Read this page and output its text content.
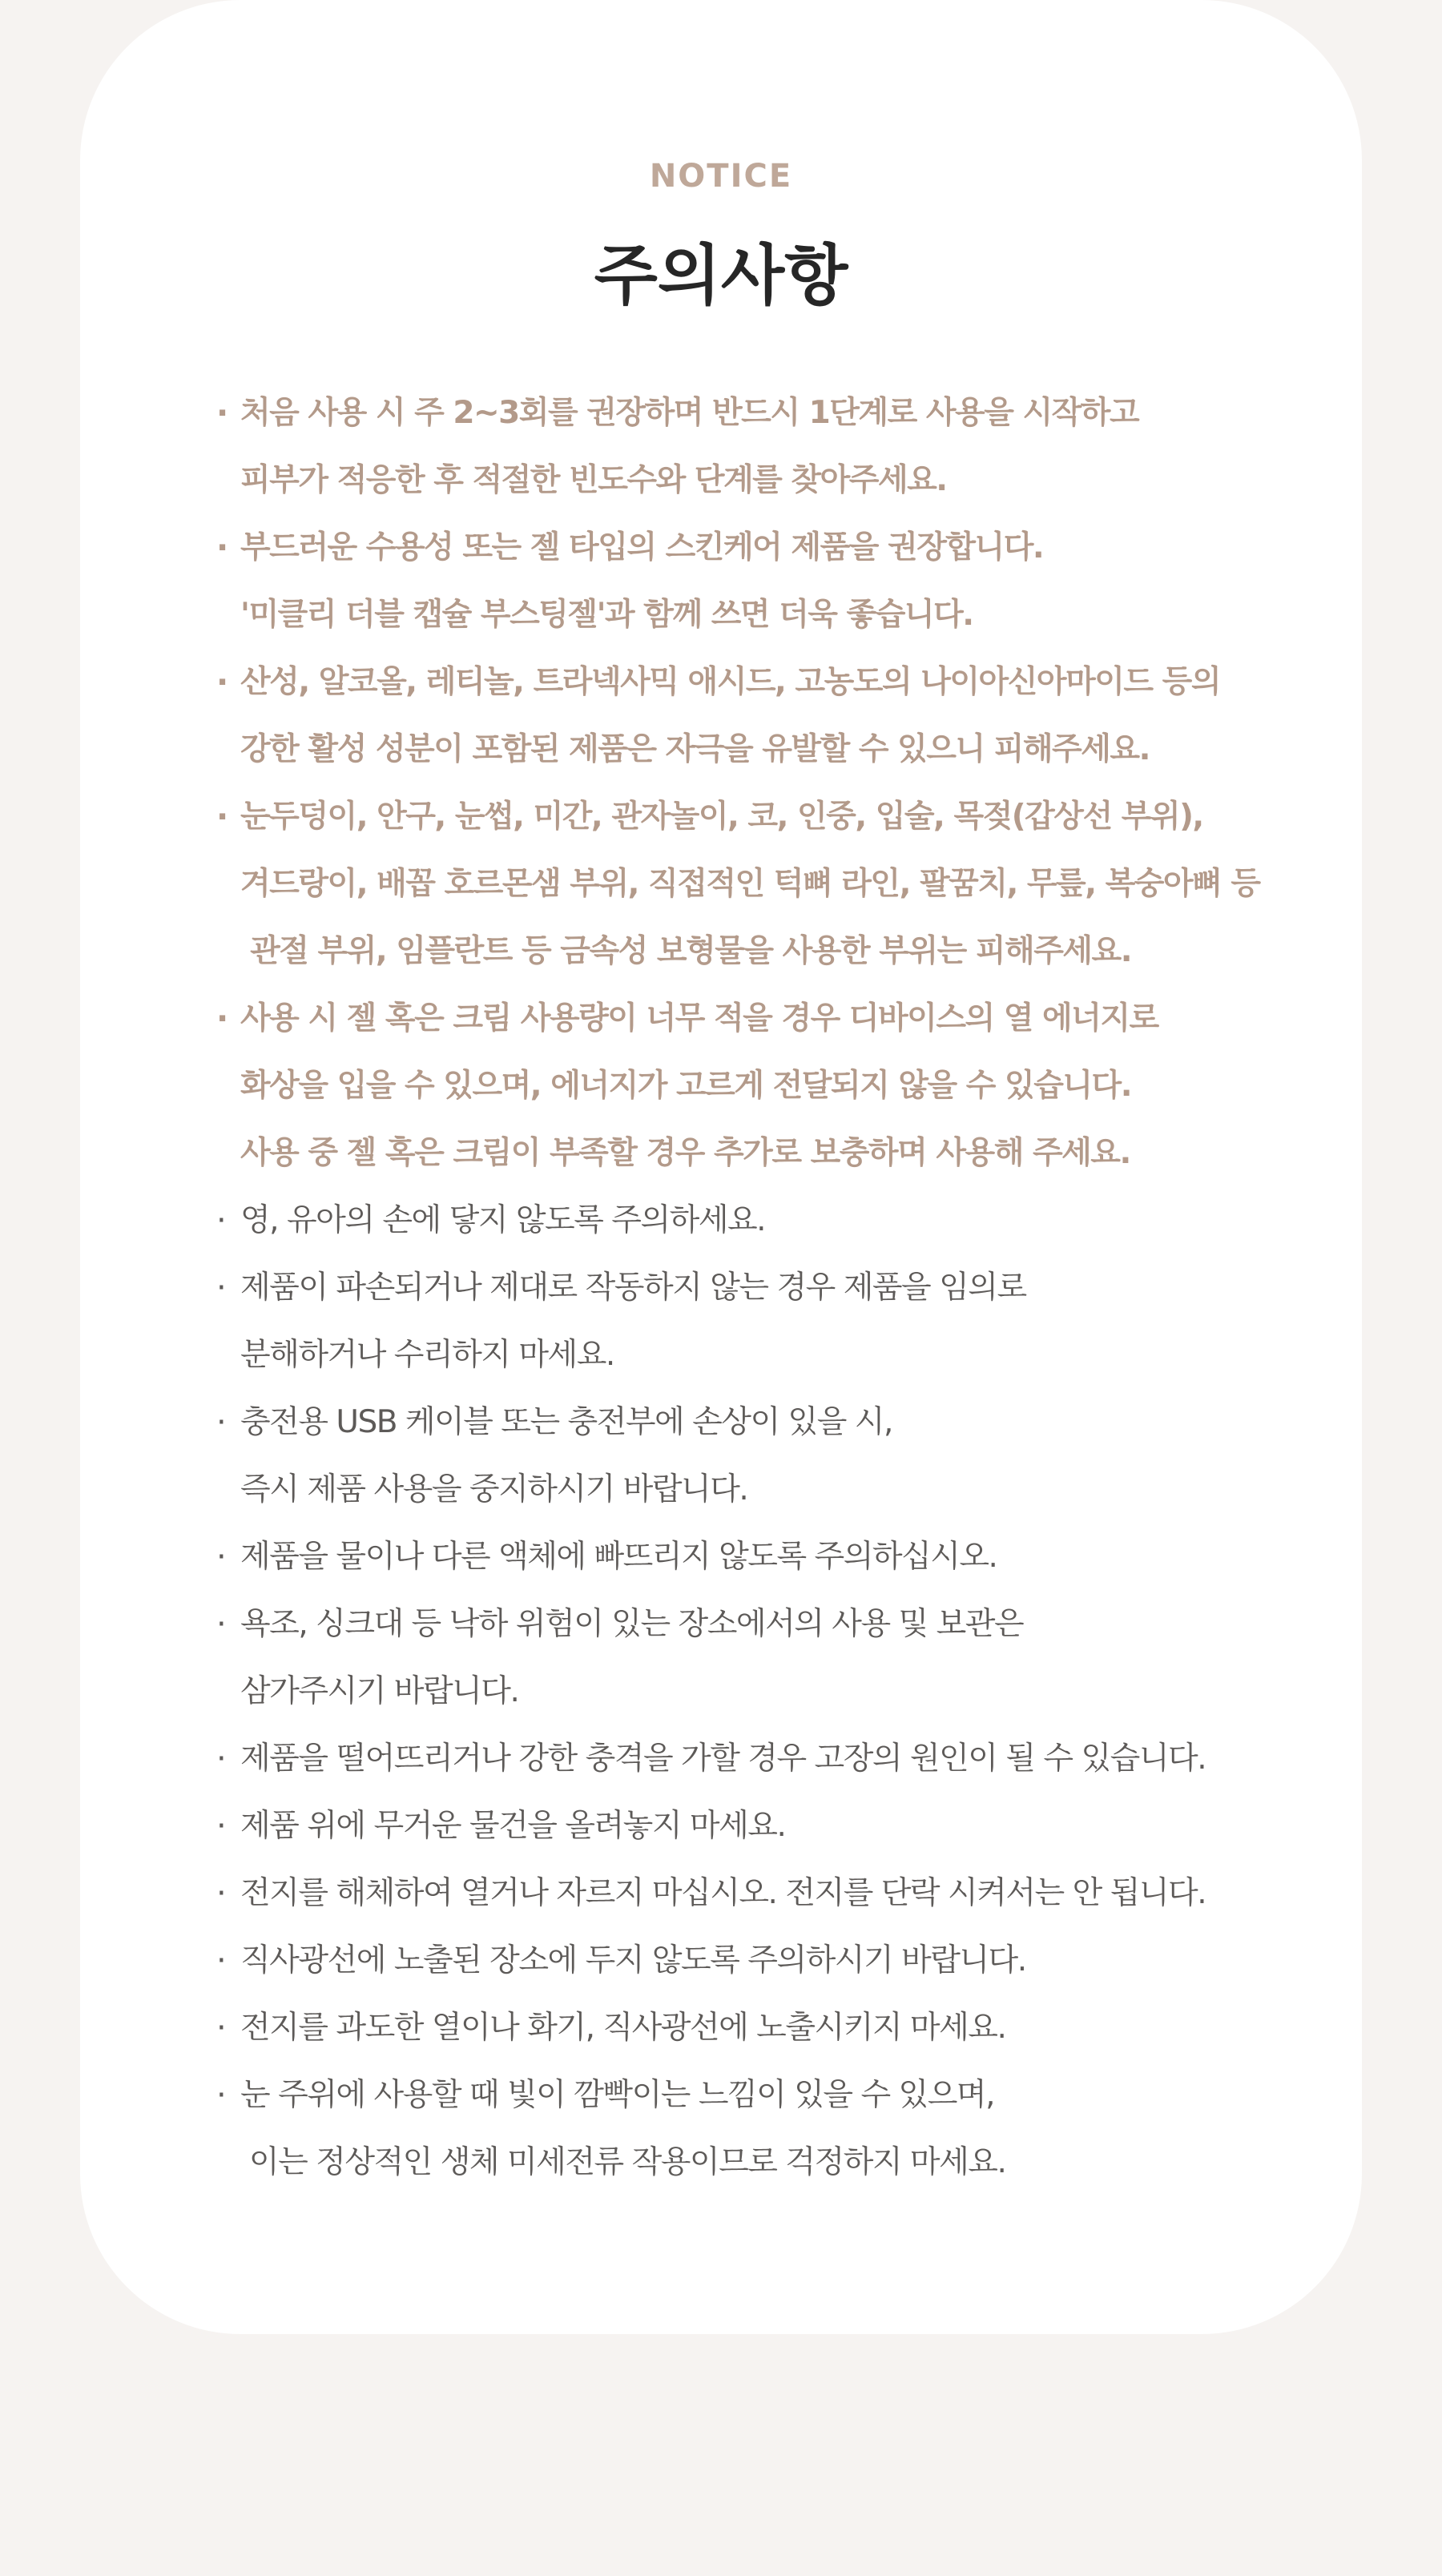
NOTICE
주의사항
· 처음 사용 시 주 2~3회를 권장하며 반드시 1단계로 사용을 시작하고
피부가 적응한 후 적절한 빈도수와 단계를 찾아주세요.
· 부드러운 수용성 또는 젤 타입의 스킨케어 제품을 권장합니다.
'미클리 더블 캡슐 부스팅젤'과 함께 쓰면 더욱 좋습니다.
· 산성, 알코올, 레티놀, 트라넥사믹 애시드, 고농도의 나이아신아마이드 등의
강한 활성 성분이 포함된 제품은 자극을 유발할 수 있으니 피해주세요.
· 눈두덩이, 안구, 눈썹, 미간, 관자놀이, 코, 인중, 입술, 목젖(갑상선 부위),
겨드랑이, 배꼽 호르몬샘 부위, 직접적인 턱뼈 라인, 팔꿈치, 무릎, 복숭아뼈 등
관절 부위, 임플란트 등 금속성 보형물을 사용한 부위는 피해주세요.
· 사용 시 젤 혹은 크림 사용량이 너무 적을 경우 디바이스의 열 에너지로
화상을 입을 수 있으며, 에너지가 고르게 전달되지 않을 수 있습니다.
사용 중 젤 혹은 크림이 부족할 경우 추가로 보충하며 사용해 주세요.
· 영, 유아의 손에 닿지 않도록 주의하세요.
· 제품이 파손되거나 제대로 작동하지 않는 경우 제품을 임의로
분해하거나 수리하지 마세요.
· 충전용 USB 케이블 또는 충전부에 손상이 있을 시,
즉시 제품 사용을 중지하시기 바랍니다.
· 제품을 물이나 다른 액체에 빠뜨리지 않도록 주의하십시오.
· 욕조, 싱크대 등 낙하 위험이 있는 장소에서의 사용 및 보관은
삼가주시기 바랍니다.
· 제품을 떨어뜨리거나 강한 충격을 가할 경우 고장의 원인이 될 수 있습니다.
· 제품 위에 무거운 물건을 올려놓지 마세요.
· 전지를 해체하여 열거나 자르지 마십시오. 전지를 단락 시켜서는 안 됩니다.
· 직사광선에 노출된 장소에 두지 않도록 주의하시기 바랍니다.
· 전지를 과도한 열이나 화기, 직사광선에 노출시키지 마세요.
· 눈 주위에 사용할 때 빛이 깜빡이는 느낌이 있을 수 있으며,
이는 정상적인 생체 미세전류 작용이므로 걱정하지 마세요.
